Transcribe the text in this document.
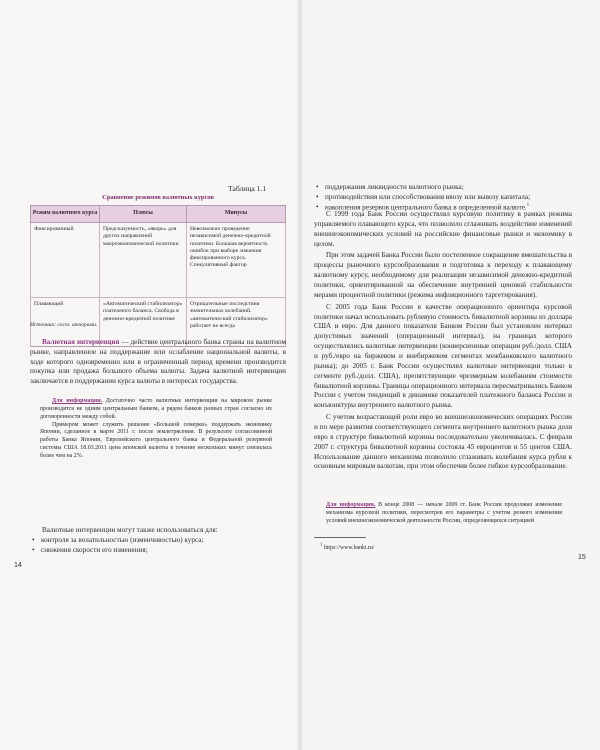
Таблица 1.1
Сравнение режимов валютных курсов
Режим валютного курса	Плюсы	Минусы
Фиксированный	Предсказуемость, «якорь» для других направлений макроэкономической политики	Невозможно проведение независимой денежно-кредитной политики. Большая вероятность ошибок при выборе значения фиксированного курса. Спекулятивный фактор
Плавающий	«Автоматический стабилизатор» платежного баланса. Свобода в денежно-кредитной политике	Отрицательные последствия значительных колебаний. «автоматический стабилизатор» работает не всегда
Источник: сост. авторами.
Валютная интервенция — действие центрального банка страны на валютном рынке, направленное на поддержание или ослабление национальной валюты, в ходе которого одновременно или в ограниченный период времени производится покупка или продажа большого объема валюты. Задача валютной интервенции заключается в поддержании курса валюты в интересах государства.

Для информации. Достаточно часто валютные интервенции на мировом рынке производятся не одним центральным банком, а рядом банков разных стран согласно их договоренности между собой.

Примером может служить решение «Большой семерки» поддержать экономику Японии, сделанное в марте 2011 г. после землетрясения. В результате согласованной работы Банка Японии, Европейского центрального банка и Федеральной резервной системы США 18.03.2011 цена японской валюты в течение нескольких минут снизилась более чем на 2%.

Валютные интервенции могут также использоваться для:

• контроля за волатильностью (изменчивостью) курса;
• снижения скорости его изменения;
14
• поддержания ликвидности валютного рынка;
• противодействия или способствования ввозу или вывозу капитала;
• накопления резервов центрального банка в определенной валюте.$^1$

С 1999 года Банк России осуществлял курсовую политику в рамках режима управляемого плавающего курса, что позволило сглаживать воздействие изменений внешнеэкономических условий на российские финансовые рынки и экономику в целом.

При этом задачей Банка России было постепенное сокращение вмешательства в процессы рыночного курсообразования и подготовка к переходу к плавающему валютному курсу, необходимому для реализации независимой денежно-кредитной политики, ориентированной на обеспечение внутренней ценовой стабильности мерами процентной политики (режима инфляционного таргетирования).

С 2005 года Банк России в качестве операционного ориентира курсовой политики начал использовать рублевую стоимость бивалютной корзины из доллара США и евро. Для данного показателя Банком России был установлен интервал допустимых значений (операционный интервал), на границах которого осуществлялись валютные интервенции (конверсионные операции руб./долл. США и руб./евро на биржевом и внебиржевом сегментах межбанковского валютного рынка); до 2005 г. Банк России осуществлял валютные интервенции только в сегменте руб./долл. США), препятствующие чрезмерным колебаниям стоимости бивалютной корзины. Границы операционного интервала пересматривались Банком России с учетом тенденций в динамике показателей платежного баланса России и конъюнктуры внутреннего валютного рынка.

С учетом возрастающей роли евро во внешнеэкономических операциях России и по мере развития соответствующего сегмента внутреннего валютного рынка доля евро в структуре бивалютной корзины последовательно увеличивалась. С февраля 2007 г. структура бивалютной корзины состояла 45 евроцентов и 55 центов США. Использование данного механизма позволило сглаживать колебания курса рубля к основным мировым валютам, при этом обеспечив более гибкое курсообразование.

Для информации. В конце 2008 — начале 2009 гг. Банк России продолжил изменение механизма курсовой политики, пересмотрев его параметры с учетом резкого изменения условий внешнеэкономической деятельности России, определяющихся ситуацией
$^1$ https://www.banki.ru/
15
